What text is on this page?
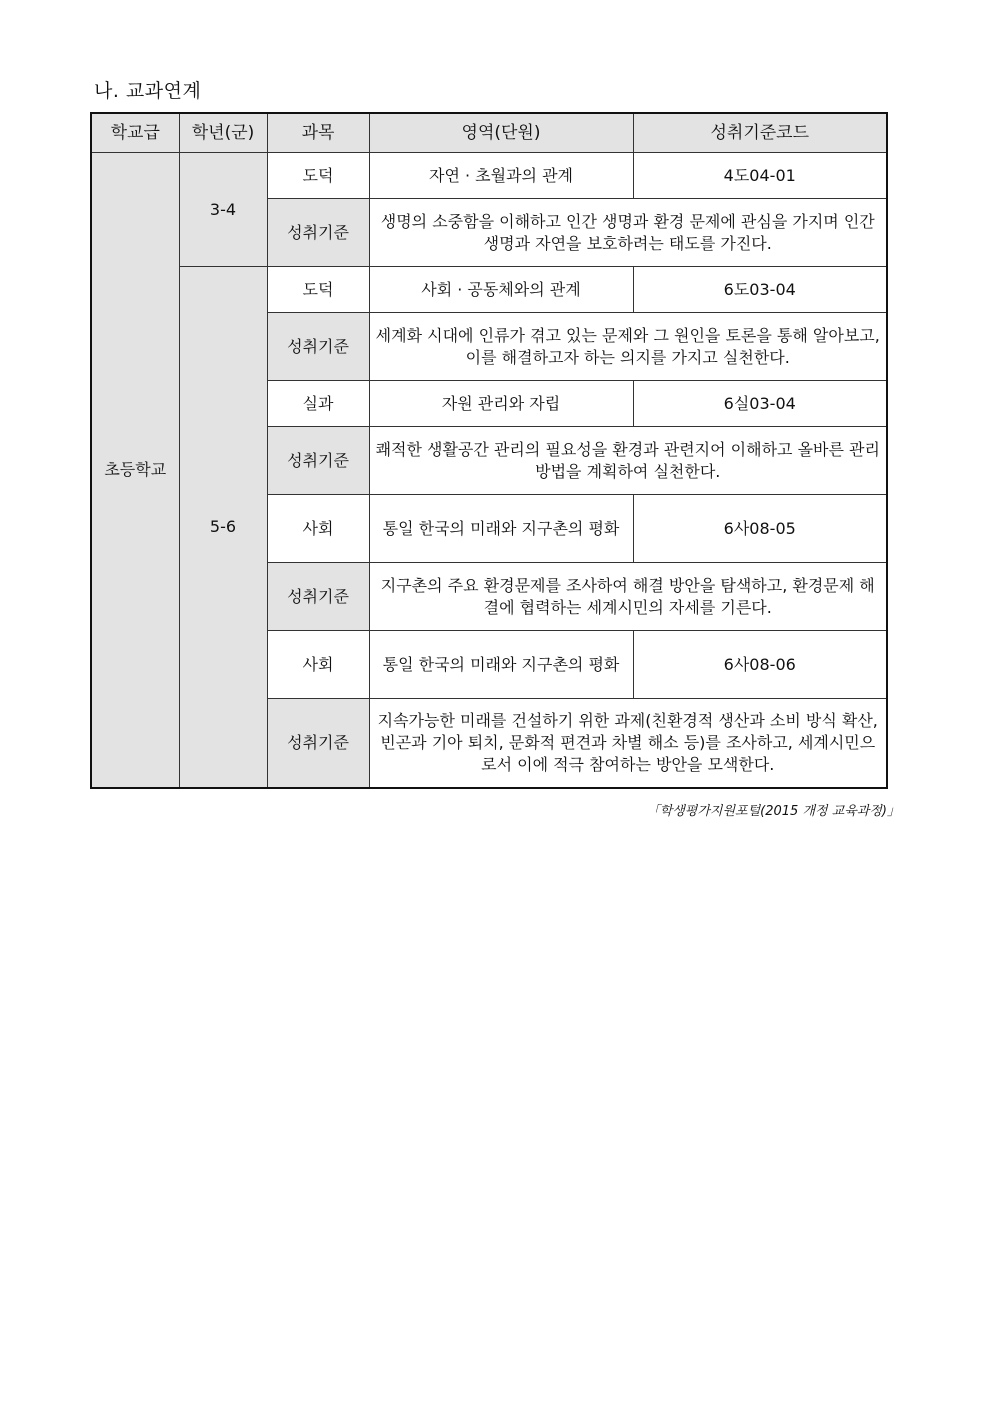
나. 교과연계
학교급	학년(군)	과목	영역(단원)	성취기준코드
초등학교	3-4	도덕	자연 · 초월과의 관계	4도04-01
		성취기준	생명의 소중함을 이해하고 인간 생명과 환경 문제에 관심을 가지며 인간 생명과 자연을 보호하려는 태도를 가진다.	
	5-6	도덕	사회 · 공동체와의 관계	6도03-04
		성취기준	세계화 시대에 인류가 겪고 있는 문제와 그 원인을 토론을 통해 알아보고, 이를 해결하고자 하는 의지를 가지고 실천한다.	
		실과	자원 관리와 자립	6실03-04
		성취기준	쾌적한 생활공간 관리의 필요성을 환경과 관련지어 이해하고 올바른 관리 방법을 계획하여 실천한다.	
		사회	통일 한국의 미래와 지구촌의 평화	6사08-05
		성취기준	지구촌의 주요 환경문제를 조사하여 해결 방안을 탐색하고, 환경문제 해결에 협력하는 세계시민의 자세를 기른다.	
		사회	통일 한국의 미래와 지구촌의 평화	6사08-06
		성취기준	지속가능한 미래를 건설하기 위한 과제(친환경적 생산과 소비 방식 확산, 빈곤과 기아 퇴치, 문화적 편견과 차별 해소 등)를 조사하고, 세계시민으로서 이에 적극 참여하는 방안을 모색한다.	
「학생평가지원포털(2015 개정 교육과정)」
